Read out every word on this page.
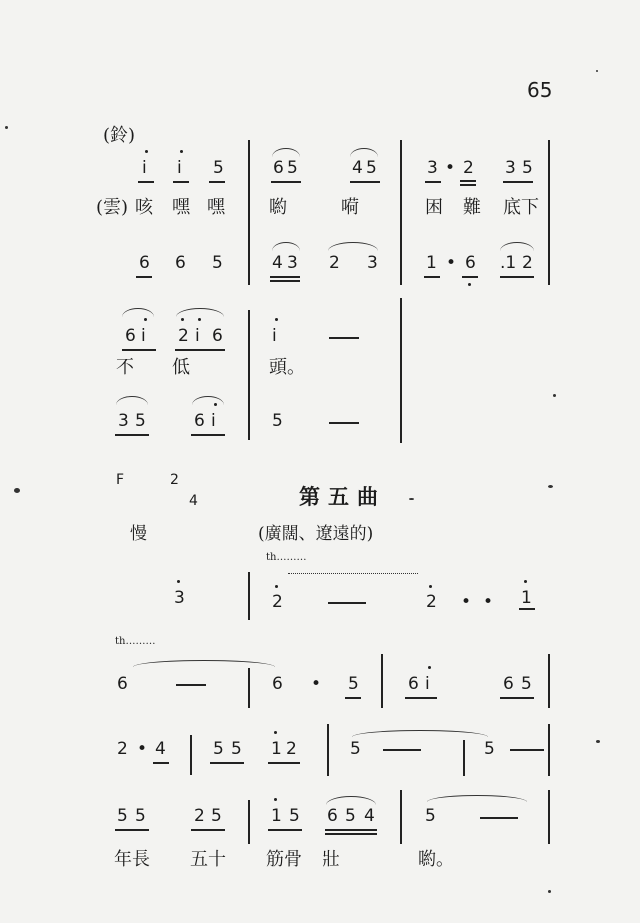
65
(鈴)
i i 5	6 5	4 5	3 • 2 3 5
(雲) 咳 嘿 嘿 喲	嗬	困 難 底 下
6 6 5	4 3 2 3	1 • 6 .1 2
6 i 2 i 6	i
不 低	頭。
3 5	6 i	5
F	2
4	第五曲
慢	(廣闊、遼遠的)
th………
3	2	2 • • 1
th………
6	6 • 5	6 i	6 5
2 • 4	5 5 1 2	5	5
5 5	2 5	1 5 6 5 4	5
年長 五十 筋骨 壯	喲。
